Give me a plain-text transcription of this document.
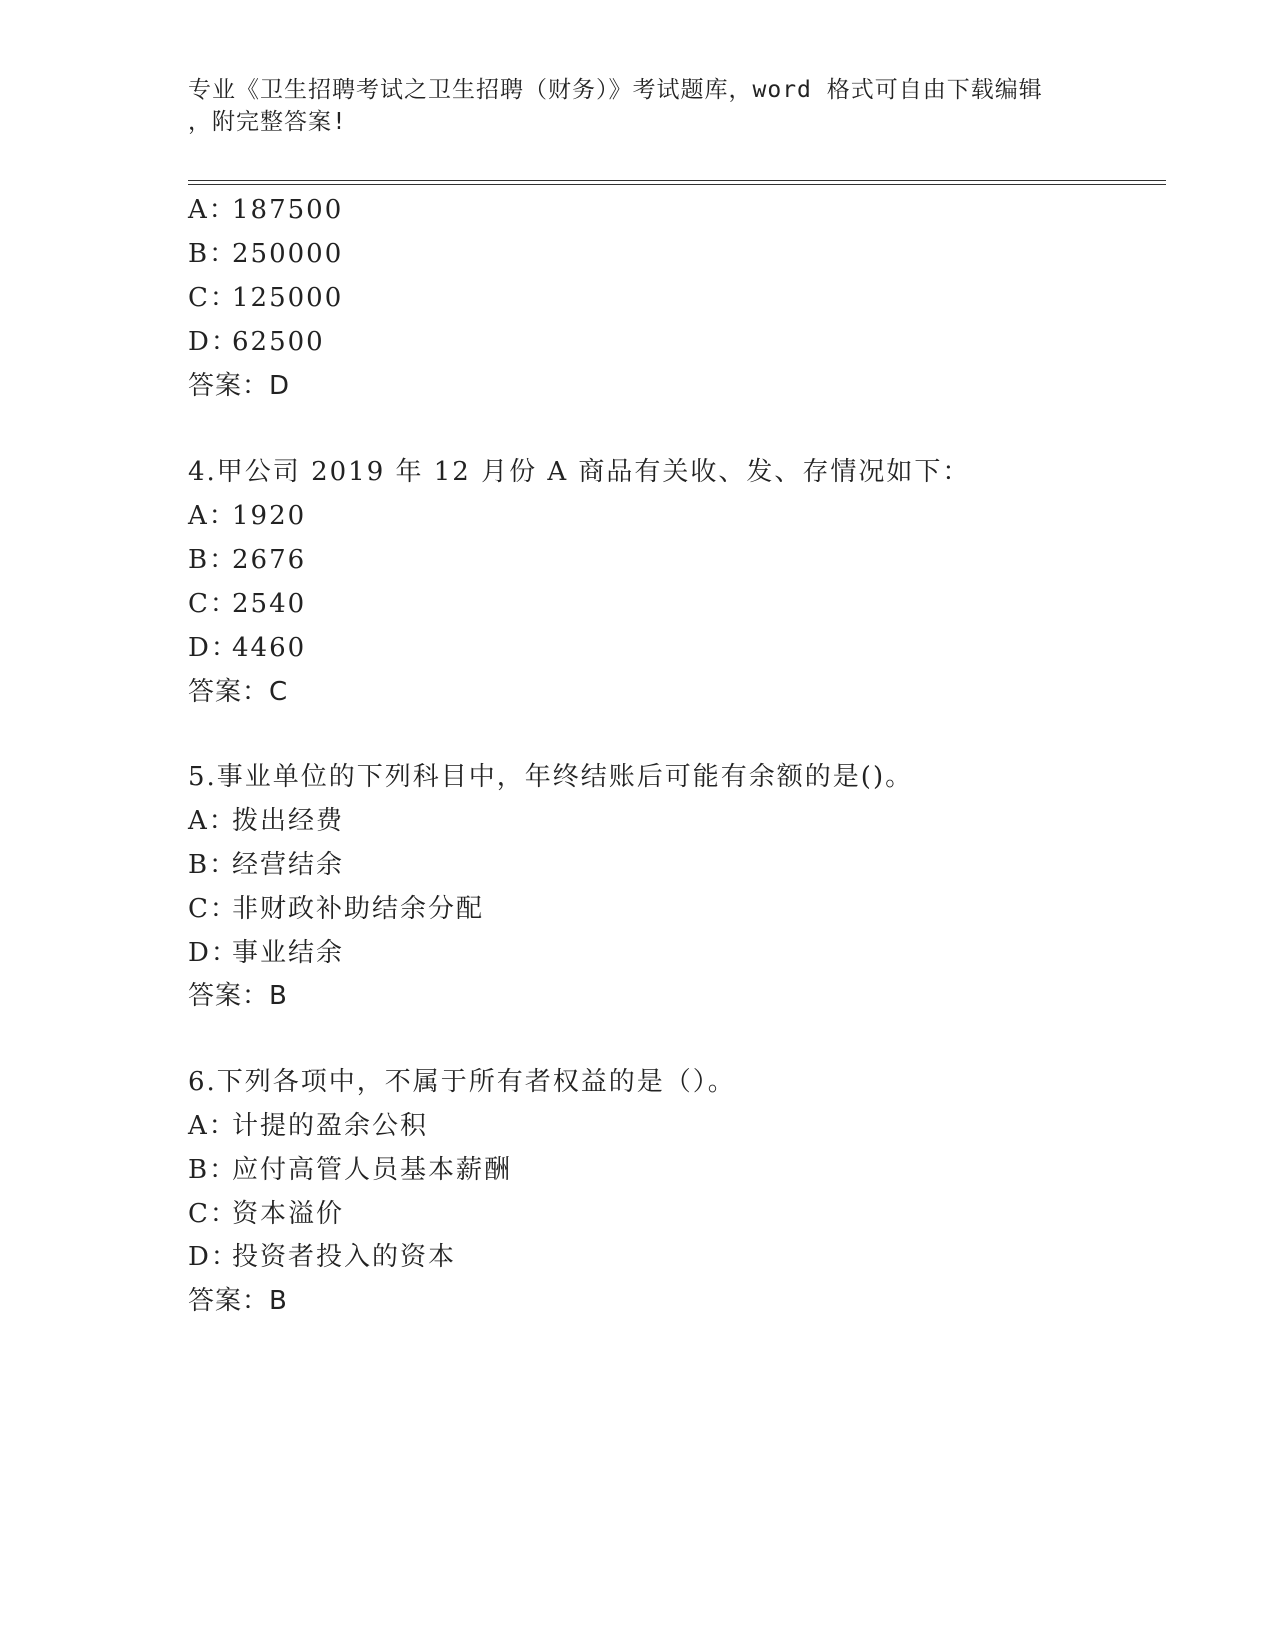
专业《卫生招聘考试之卫生招聘（财务）》考试题库，word 格式可自由下载编辑
，附完整答案!
A：187500
B：250000
C：125000
D：62500
答案：D
4.甲公司 2019 年 12 月份 A 商品有关收、发、存情况如下：
A：1920
B：2676
C：2540
D：4460
答案：C
5.事业单位的下列科目中，年终结账后可能有余额的是()。
A：拨出经费
B：经营结余
C：非财政补助结余分配
D：事业结余
答案：B
6.下列各项中，不属于所有者权益的是（）。
A：计提的盈余公积
B：应付高管人员基本薪酬
C：资本溢价
D：投资者投入的资本
答案：B
